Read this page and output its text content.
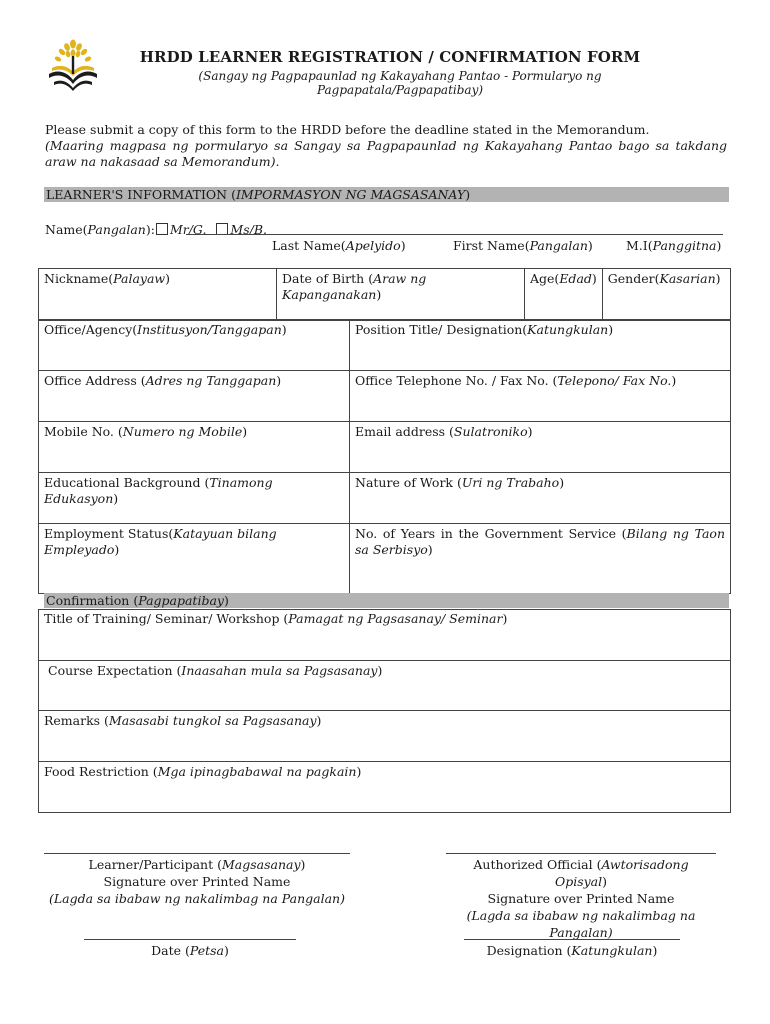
HRDD LEARNER REGISTRATION / CONFIRMATION FORM
(Sangay ng Pagpapaunlad ng Kakayahang Pantao - Pormularyo ng Pagpapatala/Pagpapatibay)
Please submit a copy of this form to the HRDD before the deadline stated in the Memorandum.
(Maaring magpasa ng pormularyo sa Sangay sa Pagpapaunlad ng Kakayahang Pantao bago sa takdang araw na nakasaad sa Memorandum).
LEARNER'S INFORMATION (IMPORMASYON NG MAGSASANAY)
Name(Pangalan): Mr/G. Ms/B.
Last Name(Apelyido)	First Name(Pangalan)	M.I(Panggitna)
Nickname(Palayaw)	Date of Birth (Araw ng Kapanganakan)	Age(Edad)	Gender(Kasarian)
Office/Agency(Institusyon/Tanggapan)	Position Title/ Designation(Katungkulan)
Office Address (Adres ng Tanggapan)	Office Telephone No. / Fax No. (Telepono/ Fax No.)
Mobile No. (Numero ng Mobile)	Email address (Sulatroniko)
Educational Background (Tinamong Edukasyon)	Nature of Work (Uri ng Trabaho)
Employment Status(Katayuan bilang Empleyado)	No. of Years in the Government Service (Bilang ng Taon sa Serbisyo)
Confirmation (Pagpapatibay)
Title of Training/ Seminar/ Workshop (Pamagat ng Pagsasanay/ Seminar)
Course Expectation (Inaasahan mula sa Pagsasanay)
Remarks (Masasabi tungkol sa Pagsasanay)
Food Restriction (Mga ipinagbabawal na pagkain)
Learner/Participant (Magsasanay)
Signature over Printed Name
(Lagda sa ibabaw ng nakalimbag na Pangalan)
Authorized Official (Awtorisadong Opisyal)
Signature over Printed Name
(Lagda sa ibabaw ng nakalimbag na Pangalan)
Date (Petsa)	Designation (Katungkulan)
